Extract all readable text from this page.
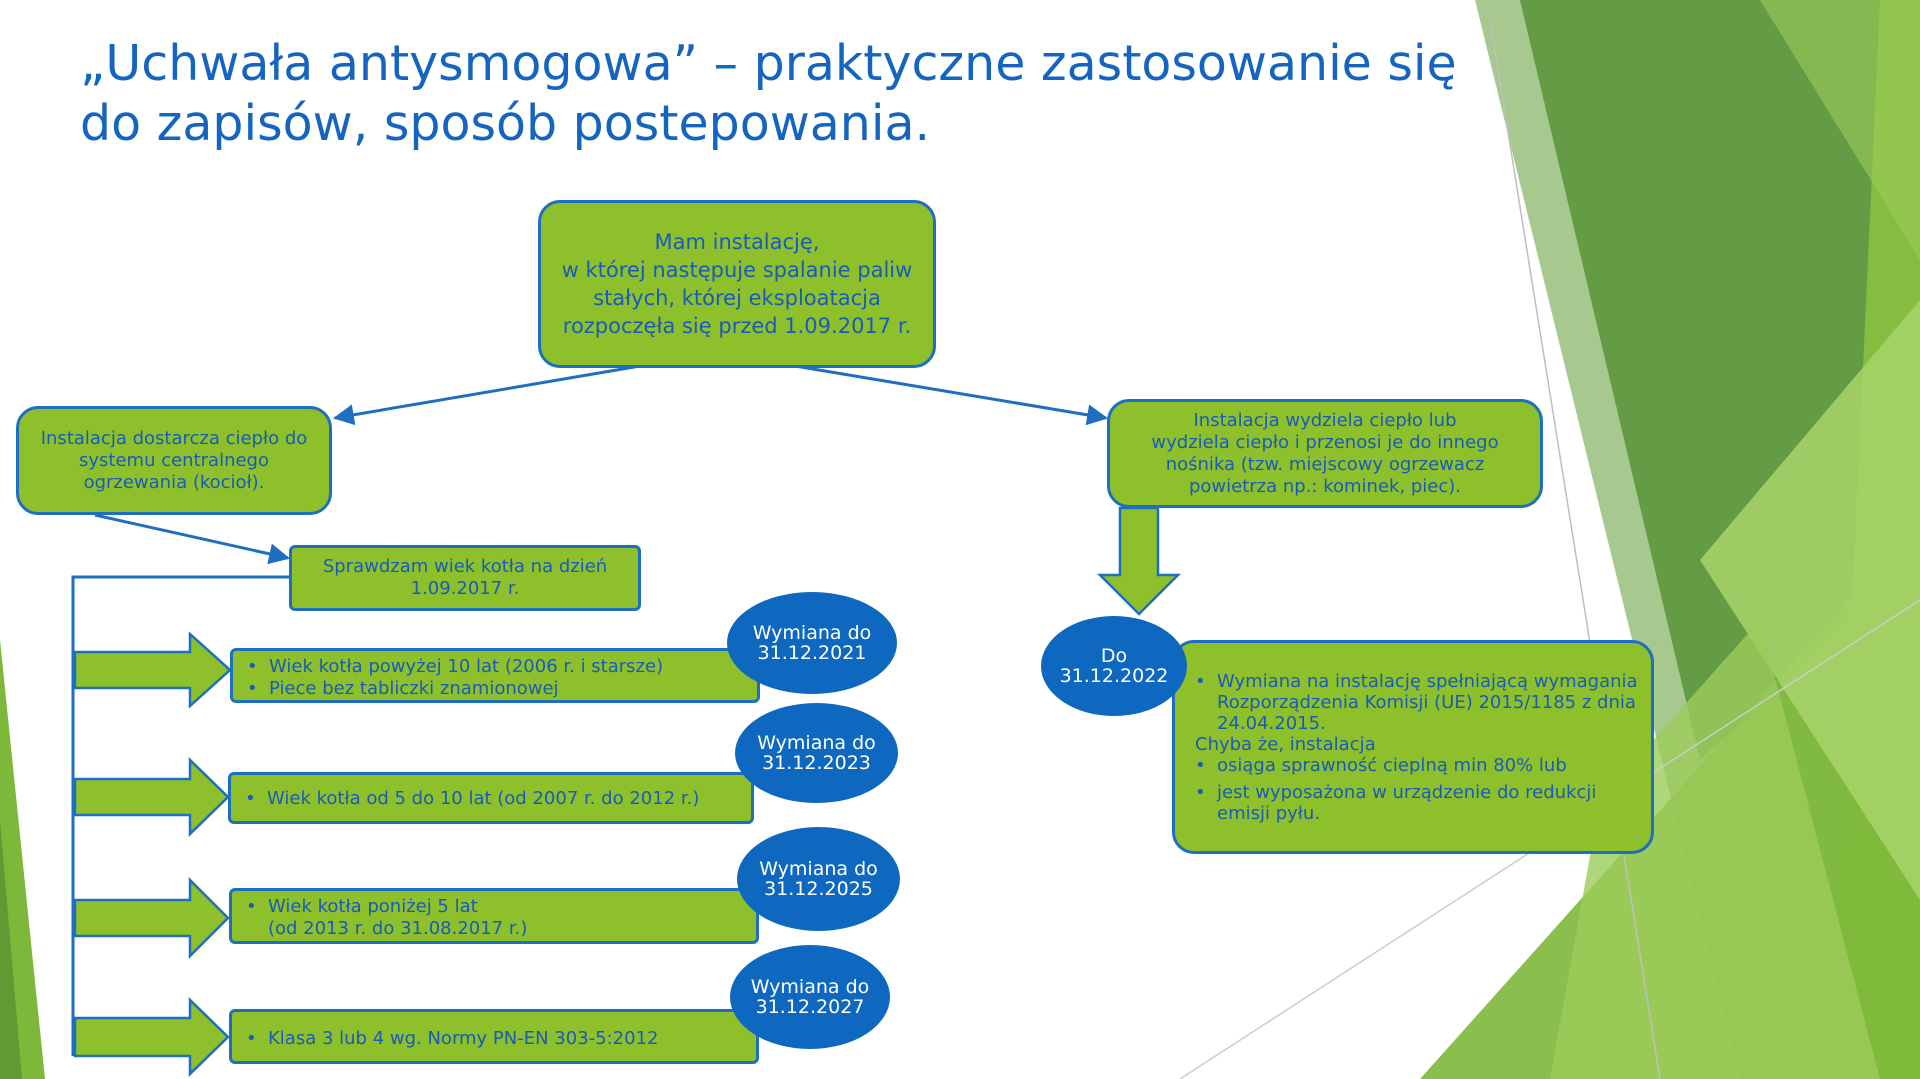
„Uchwała antysmogowa” – praktyczne zastosowanie się
do zapisów, sposób postepowania.
Mam instalację,
w której następuje spalanie paliw
stałych, której eksploatacja
rozpoczęła się przed 1.09.2017 r.
Instalacja dostarcza ciepło do
systemu centralnego
ogrzewania (kocioł).
Instalacja wydziela ciepło lub
wydziela ciepło i przenosi je do innego
nośnika (tzw. miejscowy ogrzewacz
powietrza np.: kominek, piec).
Sprawdzam wiek kotła na dzień
1.09.2017 r.
• Wiek kotła powyżej 10 lat (2006 r. i starsze)
• Piece bez tabliczki znamionowej
Wymiana do
31.12.2021
• Wiek kotła od 5 do 10 lat (od 2007 r. do 2012 r.)
Wymiana do
31.12.2023
• Wiek kotła poniżej 5 lat
(od 2013 r. do 31.08.2017 r.)
Wymiana do
31.12.2025
• Klasa 3 lub 4 wg. Normy PN-EN 303-5:2012
Wymiana do
31.12.2027
• Wymiana na instalację spełniającą wymagania
Rozporządzenia Komisji (UE) 2015/1185 z dnia
24.04.2015.
Chyba że, instalacja
• osiąga sprawność cieplną min 80% lub
• jest wyposażona w urządzenie do redukcji
emisji pyłu.
Do
31.12.2022
